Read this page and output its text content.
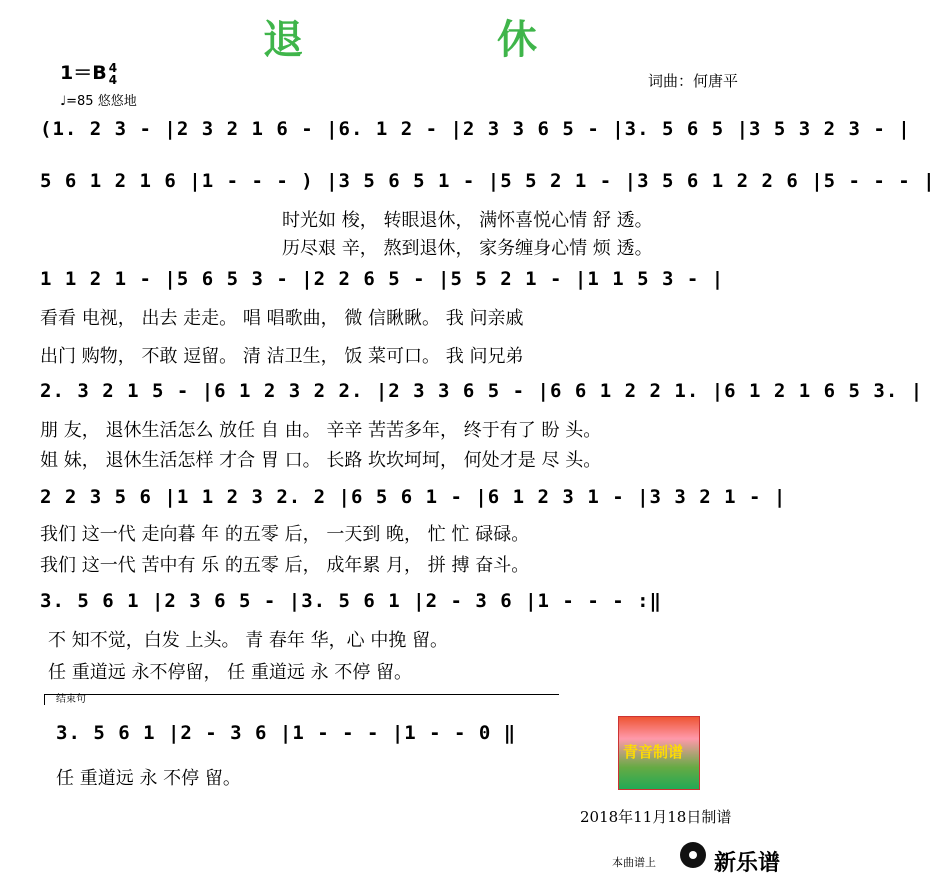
退 休
1＝B 4
4
♩=85 悠悠地
词曲：何唐平
(1. 2 3 - |2 3 2 1 6 - |6. 1 2 - |2 3 3 6 5 - |3. 5 6 5 |3 5 3 2 3 - |
5 6 1 2 1 6 |1 - - - ) |3 5 6 5 1 - |5 5 2 1 - |3 5 6 1 2 2 6 |5 - - - |
时光如 梭， 转眼退休， 满怀喜悦心情 舒 透。
历尽艰 辛， 熬到退休， 家务缠身心情 烦 透。
1 1 2 1 - |5 6 5 3 - |2 2 6 5 - |5 5 2 1 - |1 1 5 3 - |
看看 电视， 出去 走走。 唱 唱歌曲， 微 信瞅瞅。 我 问亲戚
出门 购物， 不敢 逗留。 清 洁卫生， 饭 菜可口。 我 问兄弟
2. 3 2 1 5 - |6 1 2 3 2 2. |2 3 3 6 5 - |6 6 1 2 2 1. |6 1 2 1 6 5 3. |
朋 友， 退休生活怎么 放任 自 由。 辛辛 苦苦多年， 终于有了 盼 头。
姐 妹， 退休生活怎样 才合 胃 口。 长路 坎坎坷坷， 何处才是 尽 头。
2 2 3 5 6 |1 1 2 3 2. 2 |6 5 6 1 - |6 1 2 3 1 - |3 3 2 1 - |
我们 这一代 走向暮 年 的五零 后， 一天到 晚， 忙 忙 碌碌。
我们 这一代 苦中有 乐 的五零 后， 成年累 月， 拼 搏 奋斗。
3. 5 6 1 |2 3 6 5 - |3. 5 6 1 |2 - 3 6 |1 - - - :‖
不 知不觉，白发 上头。 青 春年 华，心 中挽 留。
任 重道远 永不停留， 任 重道远 永 不停 留。
结束句
3. 5 6 1 |2 - 3 6 |1 - - - |1 - - 0 ‖
任 重道远 永 不停 留。
青音制谱
2018年11月18日制谱
本曲谱上	新乐谱
